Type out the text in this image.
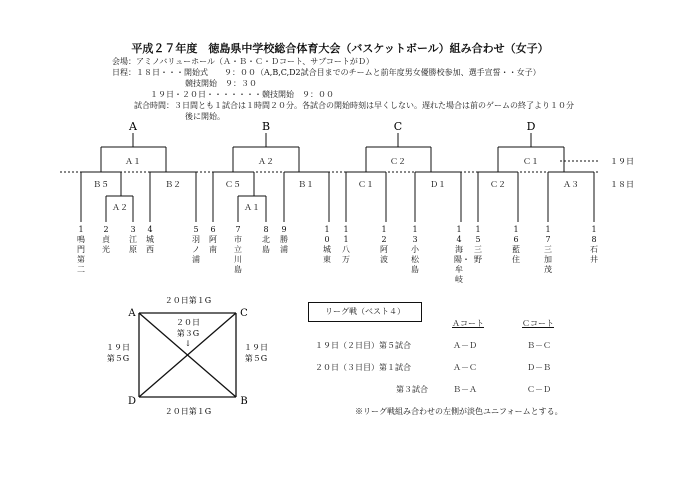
平成２７年度　徳島県中学校総合体育大会（バスケットボール）組み合わせ（女子）
会場：アミノバリューホール（Ａ・Ｂ・Ｃ・Ｄコート、サブコートがＤ）
日程：１８日・・・開始式　　９：００（A,B,C,D2試合目までのチームと前年度男女優勝校参加、選手宣誓・・女子）
競技開始　９：３０
１９日・２０日・・・・・・・競技開始　９：００
試合時間：３日間とも１試合は１時間２０分。各試合の開始時刻は早くしない。遅れた場合は前のゲームの終了より１０分
後に開始。
A	B	C	D
Ａ１	Ａ２	Ｃ２	Ｃ１
Ｂ５	Ｂ２	Ｃ５	Ｂ１	Ｃ１	Ｄ１	Ｃ２	Ａ３
Ａ２	Ａ１
１９日
１８日
1
鳴門第二
2
貞光
3
江原
4
城西
5
羽ノ浦
6
阿南
7
市立川島
8
北島
9
勝浦
10
城東
11
八万
12
阿波
13
小松島
14
海陽・牟岐
15
三野
16
藍住
17
三加茂
18
石井
A	C
D	B
２０日第１G
２０日第１G
２０日
第３G
↓
１９日
第５G
１９日
第５G
リーグ戦（ベスト４）
Ａコート	Ｃコート
１９日（２日目）第５試合	Ａ－Ｄ	Ｂ－Ｃ
２０日（３日目）第１試合	Ａ－Ｃ	Ｄ－Ｂ
第３試合	Ｂ－Ａ	Ｃ－Ｄ
※リーグ戦組み合わせの左側が淡色ユニフォームとする。
